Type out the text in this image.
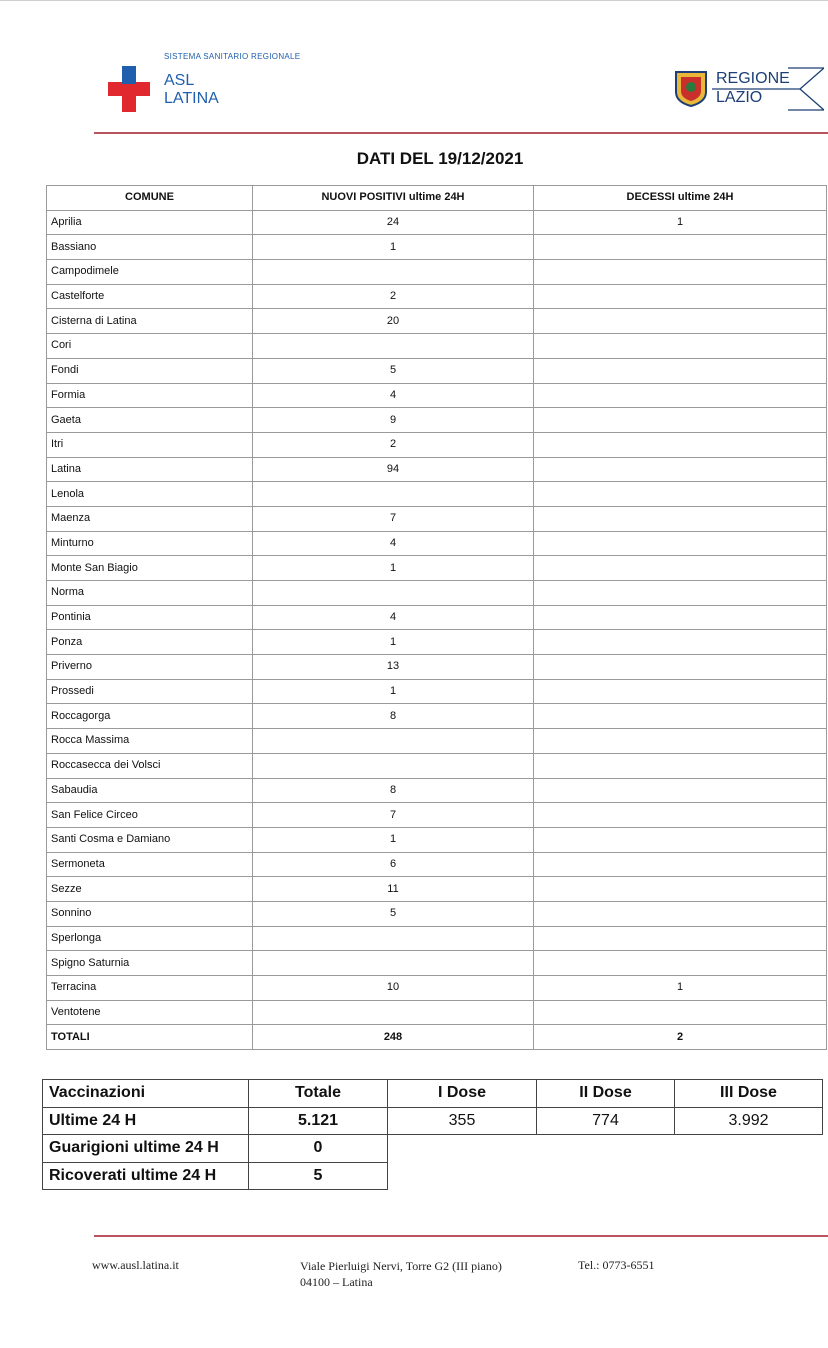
SISTEMA SANITARIO REGIONALE
ASL
LATINA
REGIONE
LAZIO
DATI DEL 19/12/2021
COMUNE	NUOVI POSITIVI ultime 24H	DECESSI ultime 24H
Aprilia	24	1
Bassiano	1	
Campodimele		
Castelforte	2	
Cisterna di Latina	20	
Cori		
Fondi	5	
Formia	4	
Gaeta	9	
Itri	2	
Latina	94	
Lenola		
Maenza	7	
Minturno	4	
Monte San Biagio	1	
Norma		
Pontinia	4	
Ponza	1	
Priverno	13	
Prossedi	1	
Roccagorga	8	
Rocca Massima		
Roccasecca dei Volsci		
Sabaudia	8	
San Felice Circeo	7	
Santi Cosma e Damiano	1	
Sermoneta	6	
Sezze	11	
Sonnino	5	
Sperlonga		
Spigno Saturnia		
Terracina	10	1
Ventotene		
TOTALI	248	2
Vaccinazioni	Totale	I Dose	II Dose	III Dose
Ultime 24 H	5.121	355	774	3.992
Guarigioni ultime 24 H	0			
Ricoverati ultime 24 H	5			
www.ausl.latina.it	Viale Pierluigi Nervi, Torre G2 (III piano)
04100 – Latina
Tel.: 0773-6551
